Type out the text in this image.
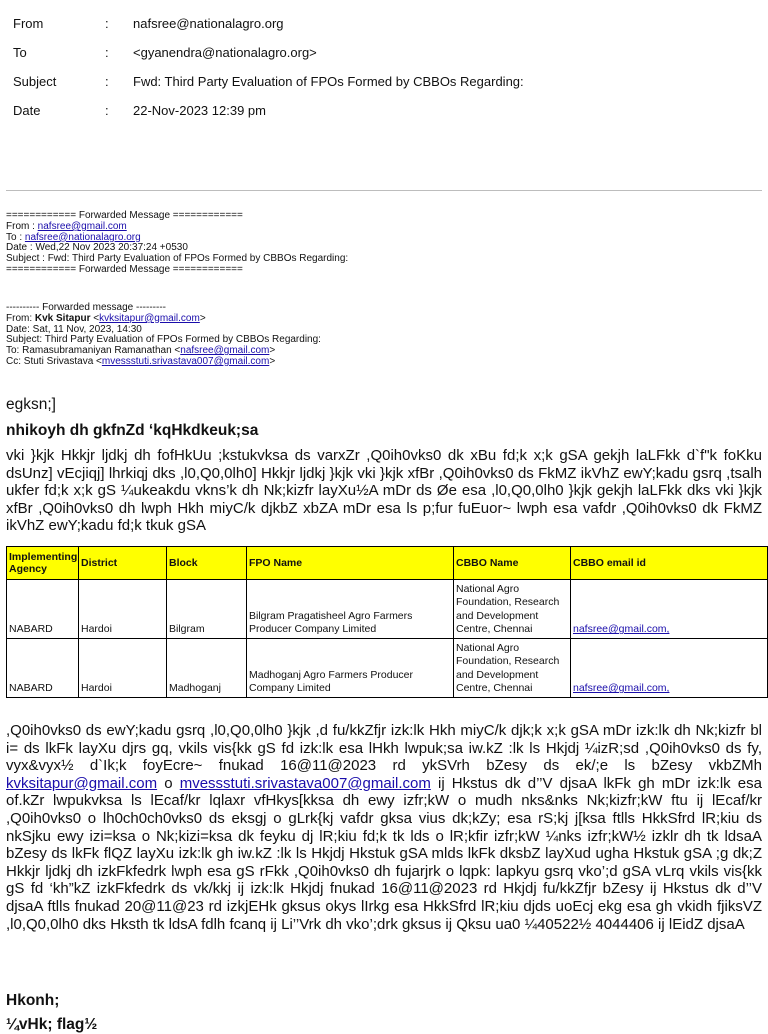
From	:	nafsree@nationalagro.org
To	:	<gyanendra@nationalagro.org>
Subject	:	Fwd: Third Party Evaluation of FPOs Formed by CBBOs Regarding:
Date	:	22-Nov-2023 12:39 pm
============ Forwarded Message ============
From : nafsree@gmail.com
To : nafsree@nationalagro.org
Date : Wed,22 Nov 2023 20:37:24 +0530
Subject : Fwd: Third Party Evaluation of FPOs Formed by CBBOs Regarding:
============ Forwarded Message ============
---------- Forwarded message ---------
From: Kvk Sitapur <kvksitapur@gmail.com>
Date: Sat, 11 Nov, 2023, 14:30
Subject: Third Party Evaluation of FPOs Formed by CBBOs Regarding:
To: Ramasubramaniyan Ramanathan <nafsree@gmail.com>
Cc: Stuti Srivastava <mvessstuti.srivastava007@gmail.com>
egksn;]
nhikoyh dh gkfnZd ‘kqHkdkeuk;sa
vki }kjk Hkkjr ljdkj dh fofHkUu ;kstukvksa ds varxZr ,Q0ih0vks0 dk xBu fd;k x;k gSA gekjh laLFkk d`f"k foKku dsUnz] vEcjiqj] lhrkiqj dks ,l0,Q0,0lh0] Hkkjr ljdkj }kjk vki }kjk xfBr ,Q0ih0vks0 ds FkMZ ikVhZ ewY;kadu gsrq ,tsalh ukfer fd;k x;k gS ¼ukeakdu vkns’k dh Nk;kizfr layXu½A mDr ds Øe esa ,l0,Q0,0lh0 }kjk gekjh laLFkk dks vki }kjk xfBr ,Q0ih0vks0 dh lwph Hkh miyC/k djkbZ xbZA mDr esa ls p;fur fuEuor~ lwph esa vafdr ,Q0ih0vks0 dk FkMZ ikVhZ ewY;kadu fd;k tkuk gSA
Implementing Agency	District	Block	FPO Name	CBBO Name	CBBO email id
NABARD	Hardoi	Bilgram	Bilgram Pragatisheel Agro Farmers Producer Company Limited	National Agro Foundation, Research and Development Centre, Chennai	nafsree@gmail.com,
NABARD	Hardoi	Madhoganj	Madhoganj Agro Farmers Producer Company Limited	National Agro Foundation, Research and Development Centre, Chennai	nafsree@gmail.com,
,Q0ih0vks0 ds ewY;kadu gsrq ,l0,Q0,0lh0 }kjk ,d fu/kkZfjr izk:lk Hkh miyC/k djk;k x;k gSA mDr izk:lk dh Nk;kizfr bl i= ds lkFk layXu djrs gq, vkils vis{kk gS fd izk:lk esa lHkh lwpuk;sa iw.kZ :lk ls Hkjdj ¼izR;sd ,Q0ih0vks0 ds fy, vyx&vyx½ d`Ik;k foyEcre~ fnukad 16@11@2023 rd ykSVrh bZesy ds ek/;e ls bZesy vkbZMh kvksitapur@gmail.com o mvessstuti.srivastava007@gmail.com ij Hkstus dk d’’V djsaA lkFk gh mDr izk:lk esa of.kZr lwpukvksa ls lEcaf/kr lqlaxr vfHkys[kksa dh ewy izfr;kW o mudh nks&nks Nk;kizfr;kW ftu ij lEcaf/kr ,Q0ih0vks0 o lh0ch0ch0vks0 ds eksgj o gLrk{kj vafdr gksa vius dk;kZy; esa rS;kj j[ksa ftlls HkkSfrd lR;kiu ds nkSjku ewy izi=ksa o Nk;kizi=ksa dk feyku dj lR;kiu fd;k tk lds o lR;kfir izfr;kW ¼nks izfr;kW½ izklr dh tk ldsaA bZesy ds lkFk flQZ layXu izk:lk gh iw.kZ :lk ls Hkjdj Hkstuk gSA mlds lkFk dksbZ layXud ugha Hkstuk gSA ;g dk;Z Hkkjr ljdkj dh izkFkfedrk lwph esa gS rFkk ,Q0ih0vks0 dh fujarjrk o lqpk: lapkyu gsrq vko’;d gSA vLrq vkils vis{kk gS fd ‘kh”kZ izkFkfedrk ds vk/kkj ij izk:lk Hkjdj fnukad 16@11@2023 rd Hkjdj fu/kkZfjr bZesy ij Hkstus dk d’’V djsaA ftlls fnukad 20@11@23 rd izkjEHk gksus okys lIrkg esa HkkSfrd lR;kiu djds uoEcj ekg esa gh vkidh fjiksVZ ,l0,Q0,0lh0 dks Hksth tk ldsA fdlh fcanq ij Li’’Vrk dh vko’;drk gksus ij Qksu ua0 ¼40522½ 4044406 ij lEidZ djsaA
Hkonh;
¼vHk; flag½
